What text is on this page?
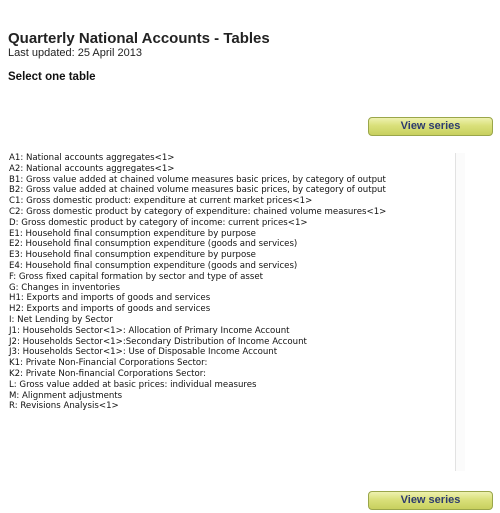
Quarterly National Accounts - Tables
Last updated: 25 April 2013
Select one table
View series
A1: National accounts aggregates<1>
A2: National accounts aggregates<1>
B1: Gross value added at chained volume measures basic prices, by category of output
B2: Gross value added at chained volume measures basic prices, by category of output
C1: Gross domestic product: expenditure at current market prices<1>
C2: Gross domestic product by category of expenditure: chained volume measures<1>
D: Gross domestic product by category of income: current prices<1>
E1: Household final consumption expenditure by purpose
E2: Household final consumption expenditure (goods and services)
E3: Household final consumption expenditure by purpose
E4: Household final consumption expenditure (goods and services)
F: Gross fixed capital formation by sector and type of asset
G: Changes in inventories
H1: Exports and imports of goods and services
H2: Exports and imports of goods and services
I: Net Lending by Sector
J1: Households Sector<1>: Allocation of Primary Income Account
J2: Households Sector<1>:Secondary Distribution of Income Account
J3: Households Sector<1>: Use of Disposable Income Account
K1: Private Non-Financial Corporations Sector:
K2: Private Non-financial Corporations Sector:
L: Gross value added at basic prices: individual measures
M: Alignment adjustments
R: Revisions Analysis<1>
View series
